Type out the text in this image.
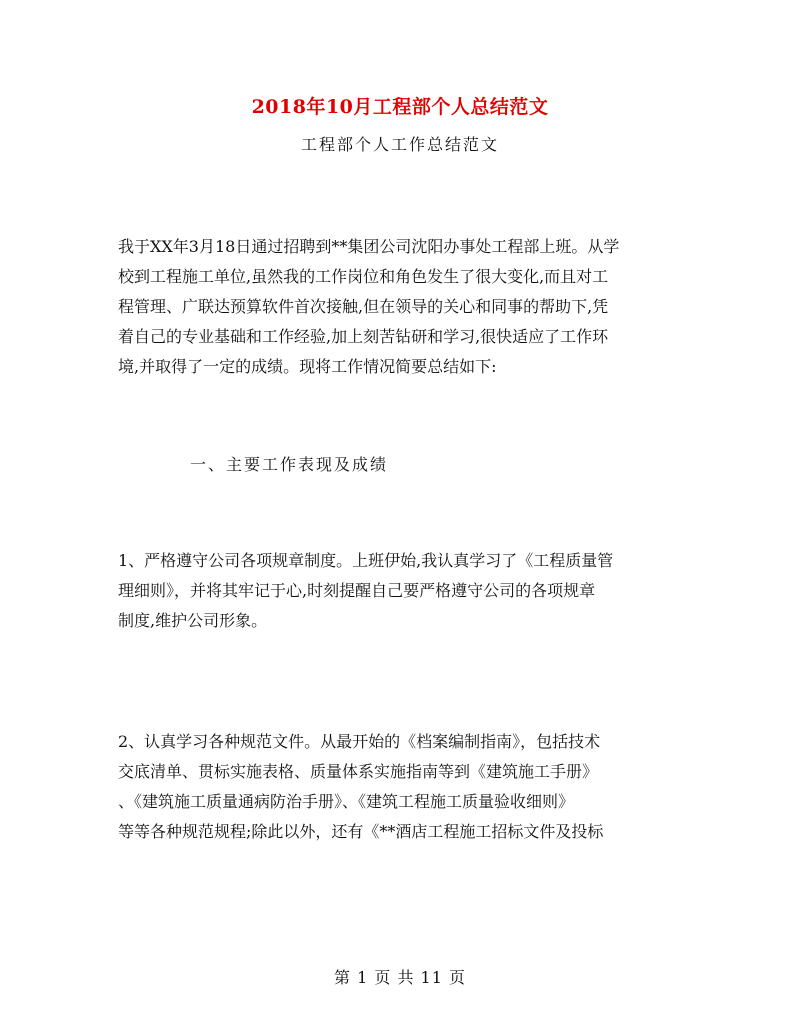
2018年10月工程部个人总结范文
工程部个人工作总结范文

我于XX年3月18日通过招聘到**集团公司沈阳办事处工程部上班。从学
校到工程施工单位,虽然我的工作岗位和角色发生了很大变化,而且对工
程管理、广联达预算软件首次接触,但在领导的关心和同事的帮助下,凭
着自己的专业基础和工作经验,加上刻苦钻研和学习,很快适应了工作环
境,并取得了一定的成绩。现将工作情况简要总结如下:

一、主要工作表现及成绩

1、严格遵守公司各项规章制度。上班伊始,我认真学习了《工程质量管
理细则》，并将其牢记于心,时刻提醒自己要严格遵守公司的各项规章
制度,维护公司形象。

2、认真学习各种规范文件。从最开始的《档案编制指南》，包括技术
交底清单、贯标实施表格、质量体系实施指南等到《建筑施工手册》
、《建筑施工质量通病防治手册》、《建筑工程施工质量验收细则》
等等各种规范规程;除此以外，还有《**酒店工程施工招标文件及投标

第 1 页 共 11 页
